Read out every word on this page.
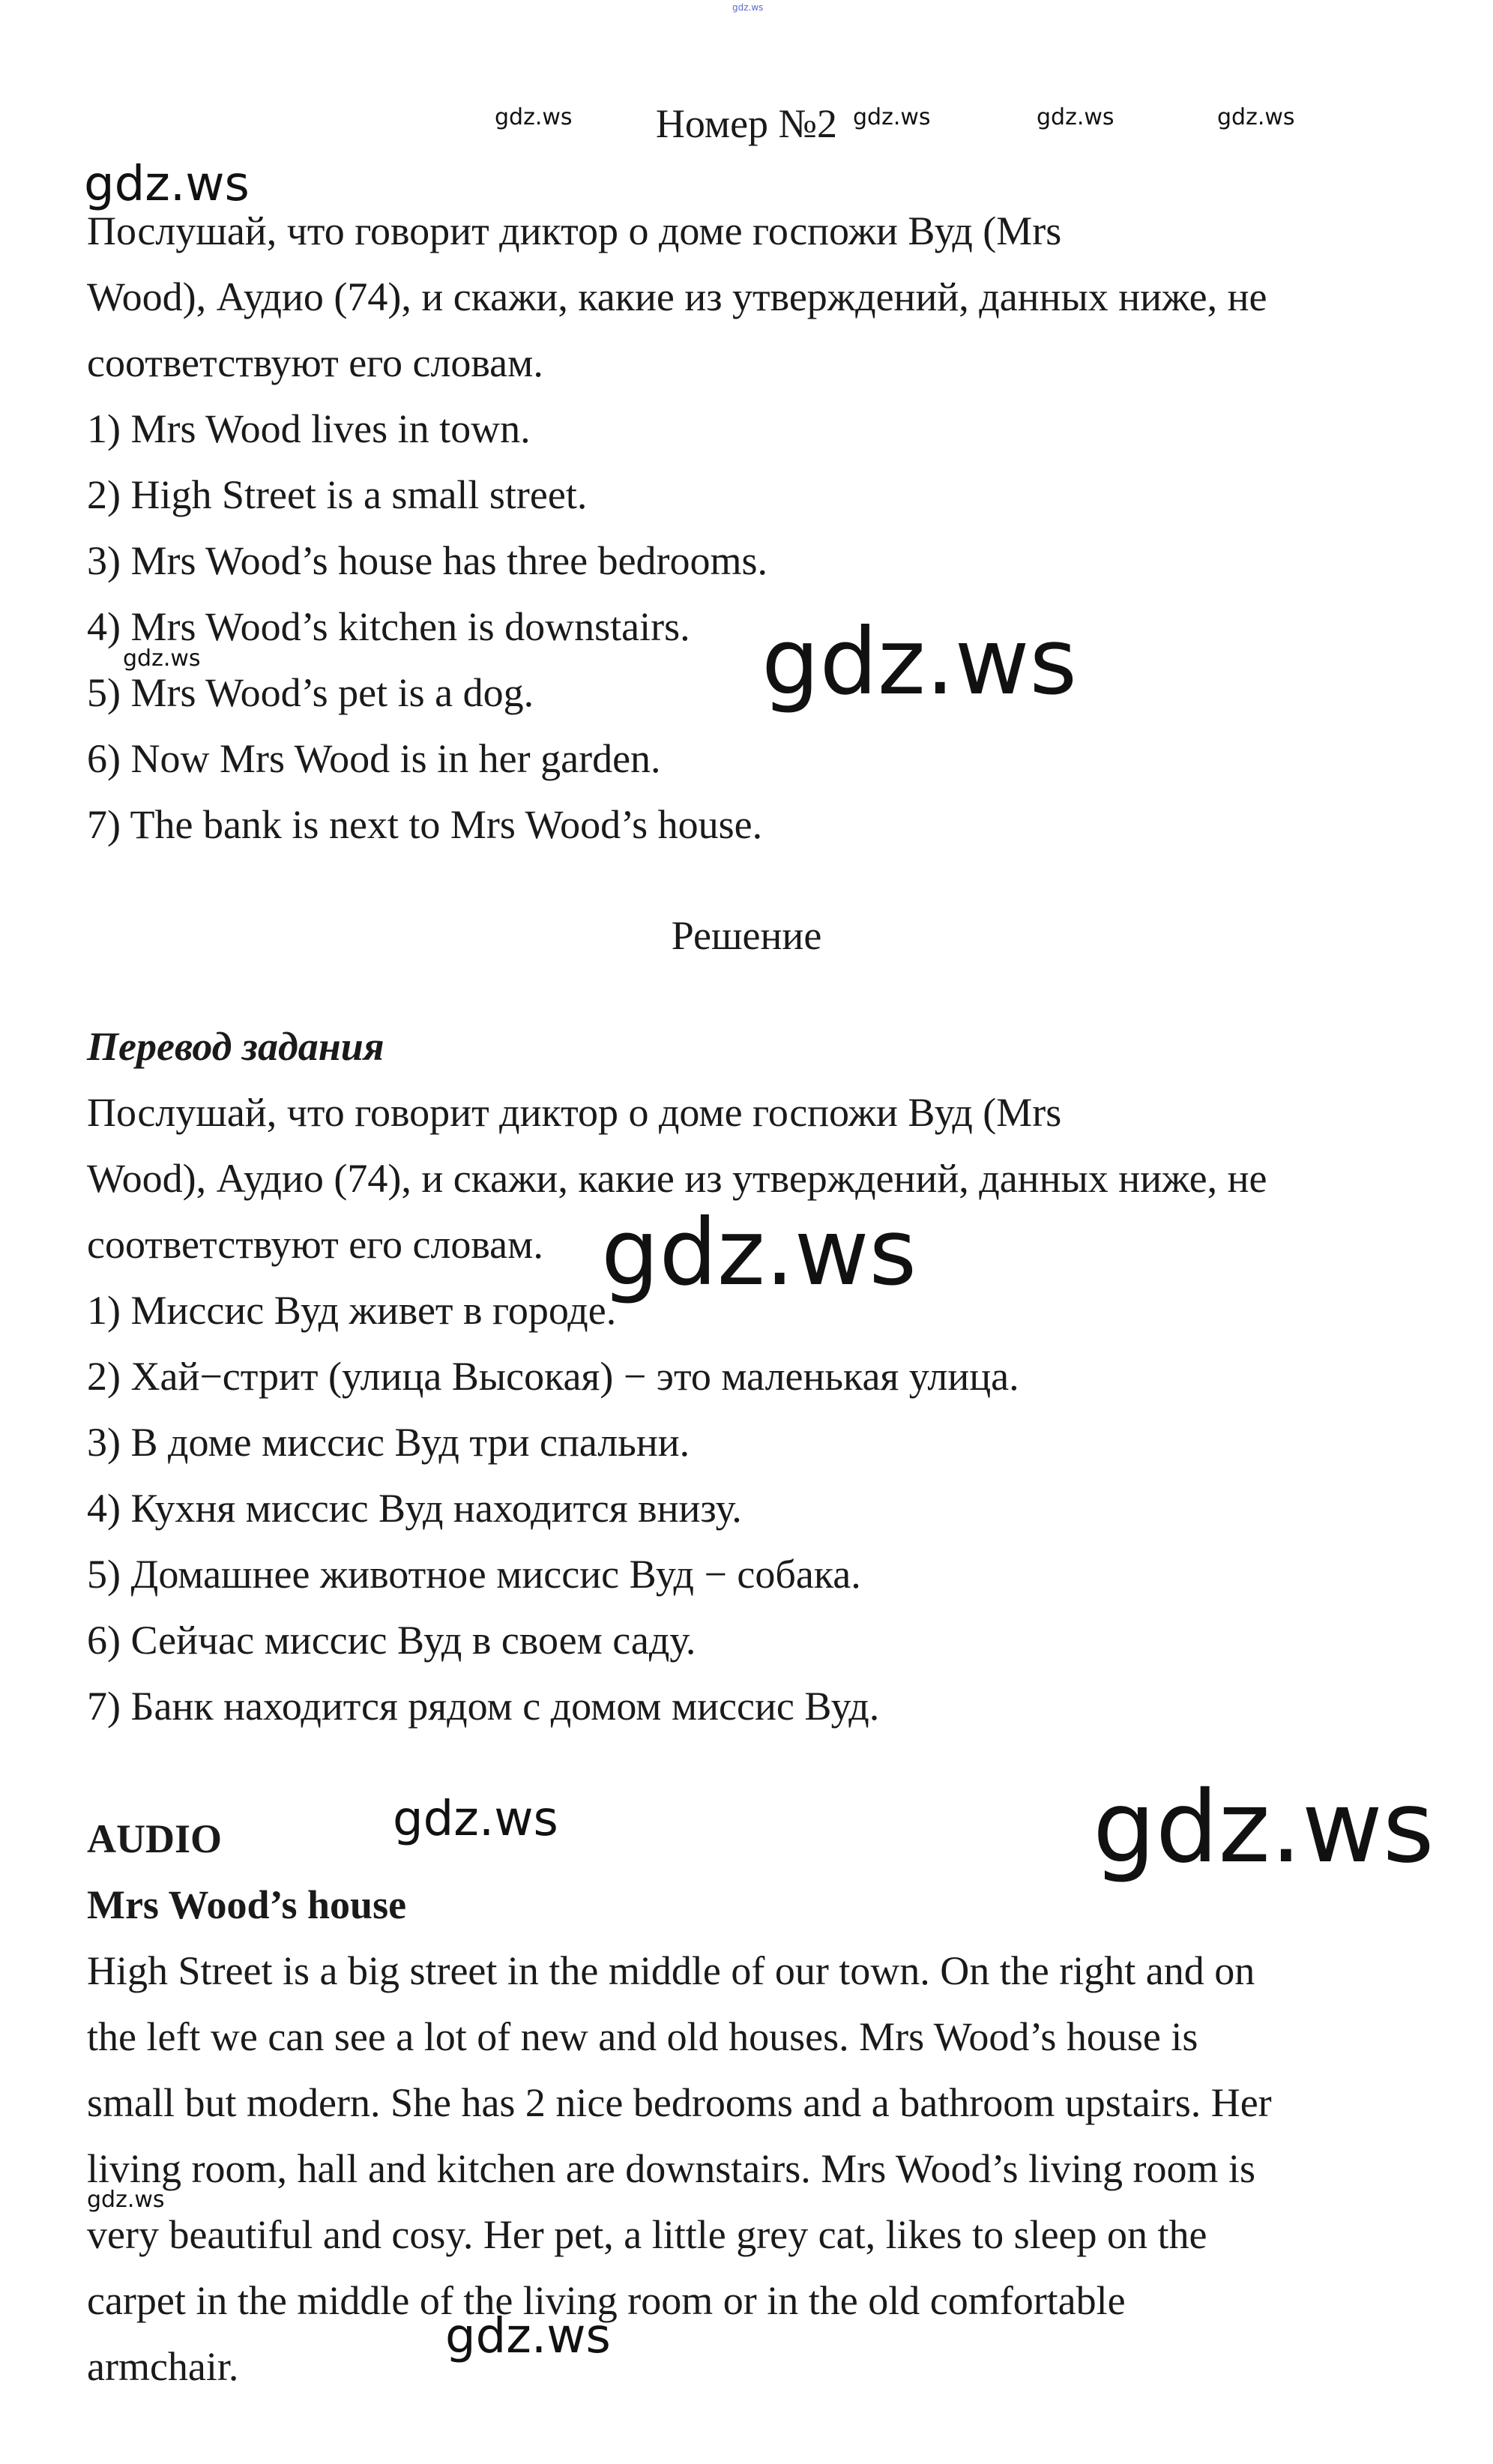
gdz.ws
gdz.ws	gdz.ws	gdz.ws	gdz.ws
gdz.ws
gdz.ws	gdz.ws
gdz.ws
gdz.ws	gdz.ws
gdz.ws
gdz.ws
Номер №2
Послушай, что говорит диктор о доме госпожи Вуд (Mrs
Wood), Аудио (74), и скажи, какие из утверждений, данных ниже, не
соответствуют его словам.
1) Mrs Wood lives in town.
2) High Street is a small street.
3) Mrs Wood’s house has three bedrooms.
4) Mrs Wood’s kitchen is downstairs.
5) Mrs Wood’s pet is a dog.
6) Now Mrs Wood is in her garden.
7) The bank is next to Mrs Wood’s house.
Решение
Перевод задания
Послушай, что говорит диктор о доме госпожи Вуд (Mrs
Wood), Аудио (74), и скажи, какие из утверждений, данных ниже, не
соответствуют его словам.
1) Миссис Вуд живет в городе.
2) Хай−стрит (улица Высокая) − это маленькая улица.
3) В доме миссис Вуд три спальни.
4) Кухня миссис Вуд находится внизу.
5) Домашнее животное миссис Вуд − собака.
6) Сейчас миссис Вуд в своем саду.
7) Банк находится рядом с домом миссис Вуд.
AUDIO
Mrs Wood’s house
High Street is a big street in the middle of our town. On the right and on
the left we can see a lot of new and old houses. Mrs Wood’s house is
small but modern. She has 2 nice bedrooms and a bathroom upstairs. Her
living room, hall and kitchen are downstairs. Mrs Wood’s living room is
very beautiful and cosy. Her pet, a little grey cat, likes to sleep on the
carpet in the middle of the living room or in the old comfortable
armchair.
